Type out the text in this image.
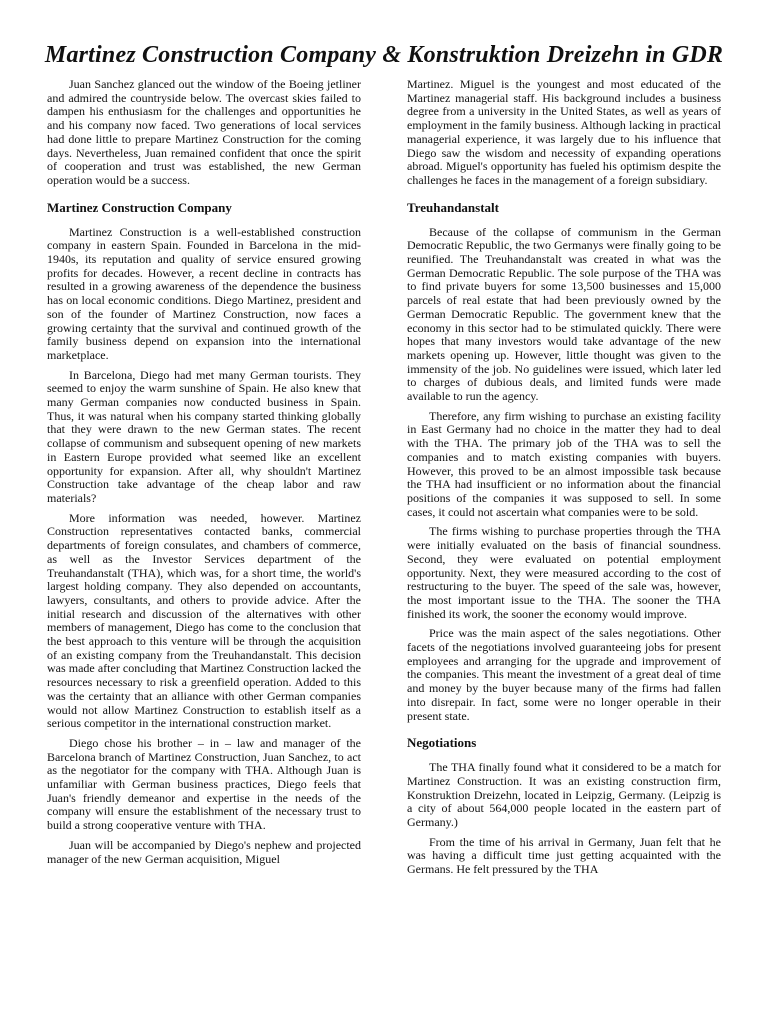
Martinez Construction Company & Konstruktion Dreizehn in GDR

Juan Sanchez glanced out the window of the Boeing jetliner and admired the countryside below. The overcast skies failed to dampen his enthusiasm for the challenges and opportunities he and his company now faced. Two generations of local services had done little to prepare Martinez Construction for the coming days. Nevertheless, Juan remained confident that once the spirit of cooperation and trust was established, the new German operation would be a success.

Martinez Construction Company

Martinez Construction is a well-established construction company in eastern Spain. Founded in Barcelona in the mid-1940s, its reputation and quality of service ensured growing profits for decades. However, a recent decline in contracts has resulted in a growing awareness of the dependence the business has on local economic conditions. Diego Martinez, president and son of the founder of Martinez Construction, now faces a growing certainty that the survival and continued growth of the family business depend on expansion into the international marketplace.

In Barcelona, Diego had met many German tourists. They seemed to enjoy the warm sunshine of Spain. He also knew that many German companies now conducted business in Spain. Thus, it was natural when his company started thinking globally that they were drawn to the new German states. The recent collapse of communism and subsequent opening of new markets in Eastern Europe provided what seemed like an excellent opportunity for expansion. After all, why shouldn't Martinez Construction take advantage of the cheap labor and raw materials?

More information was needed, however. Martinez Construction representatives contacted banks, commercial departments of foreign consulates, and chambers of commerce, as well as the Investor Services department of the Treuhandanstalt (THA), which was, for a short time, the world's largest holding company. They also depended on accountants, lawyers, consultants, and others to provide advice. After the initial research and discussion of the alternatives with other members of management, Diego has come to the conclusion that the best approach to this venture will be through the acquisition of an existing company from the Treuhandanstalt. This decision was made after concluding that Martinez Construction lacked the resources necessary to risk a greenfield operation. Added to this was the certainty that an alliance with other German companies would not allow Martinez Construction to establish itself as a serious competitor in the international construction market.

Diego chose his brother – in – law and manager of the Barcelona branch of Martinez Construction, Juan Sanchez, to act as the negotiator for the company with THA. Although Juan is unfamiliar with German business practices, Diego feels that Juan's friendly demeanor and expertise in the needs of the company will ensure the establishment of the necessary trust to build a strong cooperative venture with THA.

Juan will be accompanied by Diego's nephew and projected manager of the new German acquisition, Miguel

Martinez. Miguel is the youngest and most educated of the Martinez managerial staff. His background includes a business degree from a university in the United States, as well as years of employment in the family business. Although lacking in practical managerial experience, it was largely due to his influence that Diego saw the wisdom and necessity of expanding operations abroad. Miguel's opportunity has fueled his optimism despite the challenges he faces in the management of a foreign subsidiary.

Treuhandanstalt

Because of the collapse of communism in the German Democratic Republic, the two Germanys were finally going to be reunified. The Treuhandanstalt was created in what was the German Democratic Republic. The sole purpose of the THA was to find private buyers for some 13,500 businesses and 15,000 parcels of real estate that had been previously owned by the German Democratic Republic. The government knew that the economy in this sector had to be stimulated quickly. There were hopes that many investors would take advantage of the new markets opening up. However, little thought was given to the immensity of the job. No guidelines were issued, which later led to charges of dubious deals, and limited funds were made available to run the agency.

Therefore, any firm wishing to purchase an existing facility in East Germany had no choice in the matter they had to deal with the THA. The primary job of the THA was to sell the companies and to match existing companies with buyers. However, this proved to be an almost impossible task because the THA had insufficient or no information about the financial positions of the companies it was supposed to sell. In some cases, it could not ascertain what companies were to be sold.

The firms wishing to purchase properties through the THA were initially evaluated on the basis of financial soundness. Second, they were evaluated on potential employment opportunity. Next, they were measured according to the cost of restructuring to the buyer. The speed of the sale was, however, the most important issue to the THA. The sooner the THA finished its work, the sooner the economy would improve.

Price was the main aspect of the sales negotiations. Other facets of the negotiations involved guaranteeing jobs for present employees and arranging for the upgrade and improvement of the companies. This meant the investment of a great deal of time and money by the buyer because many of the firms had fallen into disrepair. In fact, some were no longer operable in their present state.

Negotiations

The THA finally found what it considered to be a match for Martinez Construction. It was an existing construction firm, Konstruktion Dreizehn, located in Leipzig, Germany. (Leipzig is a city of about 564,000 people located in the eastern part of Germany.)

From the time of his arrival in Germany, Juan felt that he was having a difficult time just getting acquainted with the Germans. He felt pressured by the THA
